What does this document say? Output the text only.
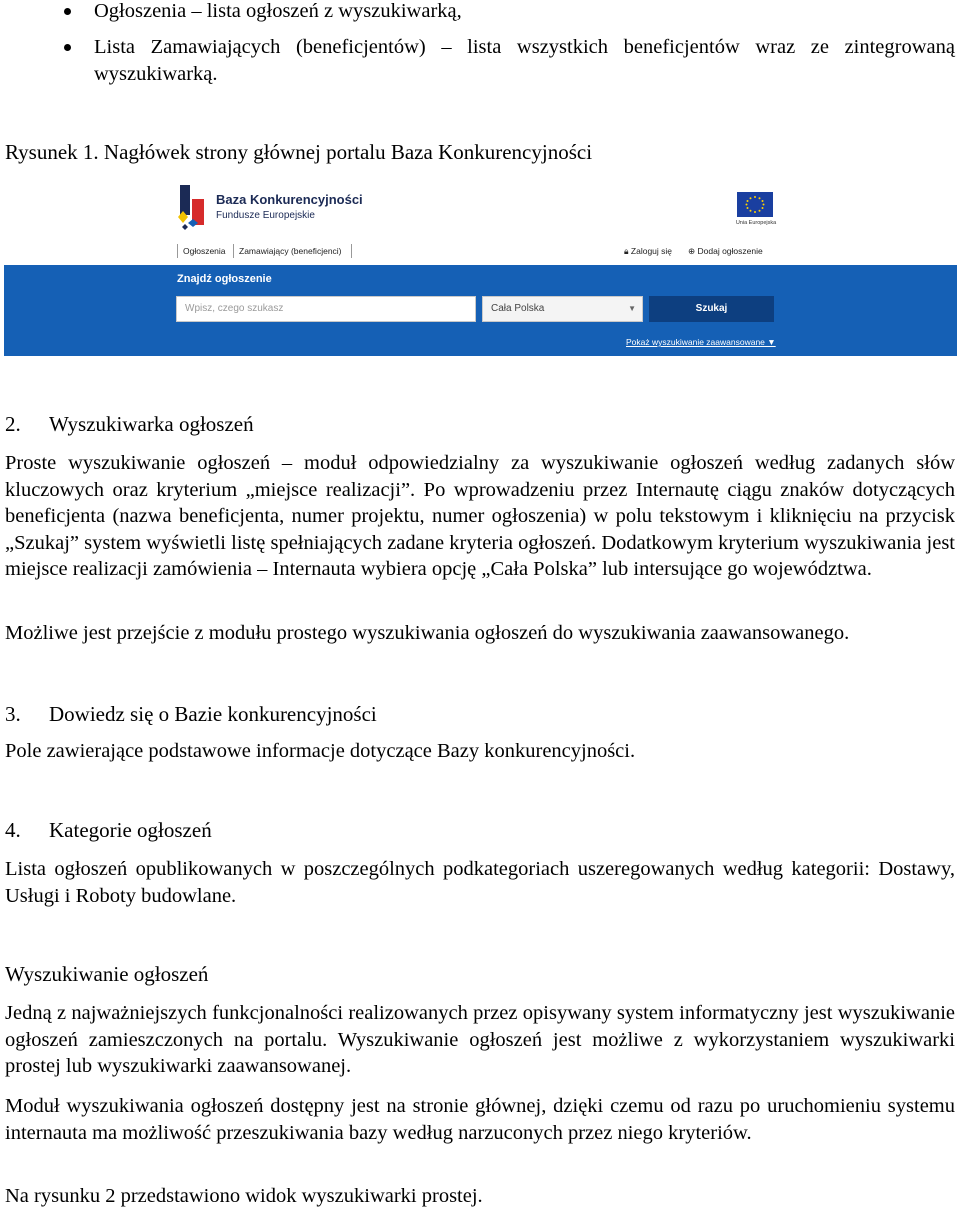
Ogłoszenia – lista ogłoszeń z wyszukiwarką,
Lista Zamawiających (beneficjentów) – lista wszystkich beneficjentów wraz ze zintegrowaną wyszukiwarką.
Rysunek 1. Nagłówek strony głównej portalu Baza Konkurencyjności
Baza Konkurencyjności
Fundusze Europejskie
Unia Europejska
Ogłoszenia Zamawiający (beneficjenci)	🔒︎ Zaloguj się ⊕ Dodaj ogłoszenie
Znajdź ogłoszenie
Wpisz, czego szukasz	Cała Polska	▼	Szukaj
Pokaż wyszukiwanie zaawansowane ▼
2. Wyszukiwarka ogłoszeń

Proste wyszukiwanie ogłoszeń – moduł odpowiedzialny za wyszukiwanie ogłoszeń według zadanych słów kluczowych oraz kryterium „miejsce realizacji”. Po wprowadzeniu przez Internautę ciągu znaków dotyczących beneficjenta (nazwa beneficjenta, numer projektu, numer ogłoszenia) w polu tekstowym i kliknięciu na przycisk „Szukaj” system wyświetli listę spełniających zadane kryteria ogłoszeń. Dodatkowym kryterium wyszukiwania jest miejsce realizacji zamówienia – Internauta wybiera opcję „Cała Polska” lub intersujące go województwa.

Możliwe jest przejście z modułu prostego wyszukiwania ogłoszeń do wyszukiwania zaawansowanego.

3. Dowiedz się o Bazie konkurencyjności

Pole zawierające podstawowe informacje dotyczące Bazy konkurencyjności.

4. Kategorie ogłoszeń

Lista ogłoszeń opublikowanych w poszczególnych podkategoriach uszeregowanych według kategorii: Dostawy, Usługi i Roboty budowlane.

Wyszukiwanie ogłoszeń

Jedną z najważniejszych funkcjonalności realizowanych przez opisywany system informatyczny jest wyszukiwanie ogłoszeń zamieszczonych na portalu. Wyszukiwanie ogłoszeń jest możliwe z wykorzystaniem wyszukiwarki prostej lub wyszukiwarki zaawansowanej.

Moduł wyszukiwania ogłoszeń dostępny jest na stronie głównej, dzięki czemu od razu po uruchomieniu systemu internauta ma możliwość przeszukiwania bazy według narzuconych przez niego kryteriów.

Na rysunku 2 przedstawiono widok wyszukiwarki prostej.
